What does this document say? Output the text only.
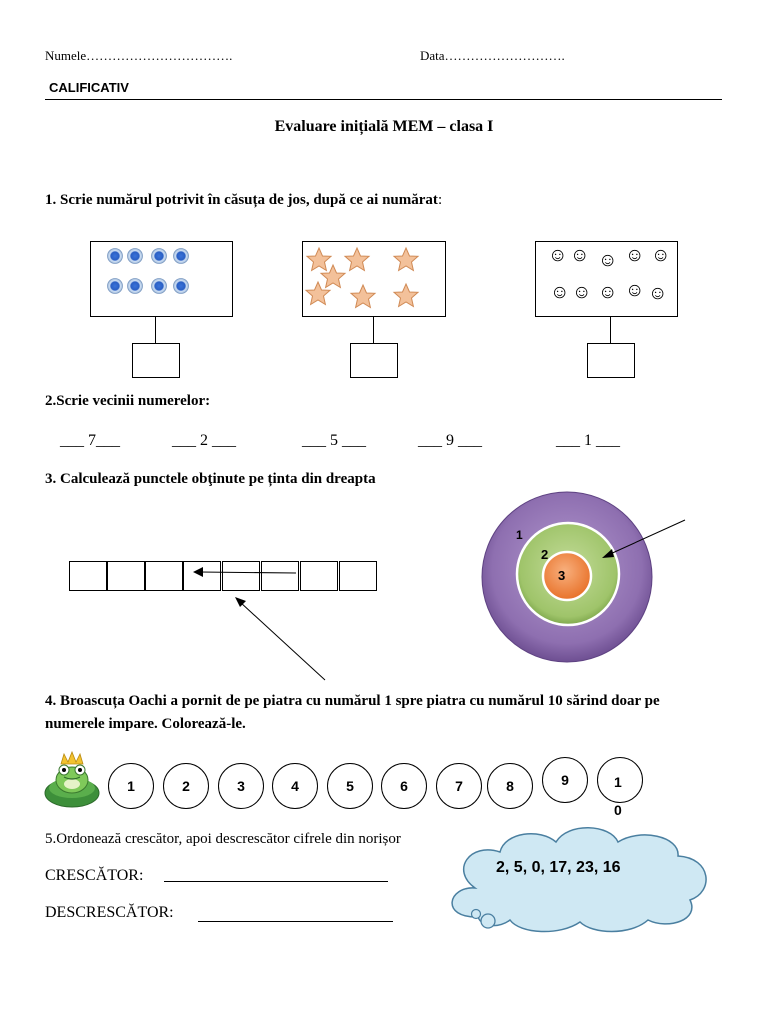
Numele…………………………….	Data……………………….
CALIFICATIV
Evaluare inițială MEM – clasa I
1. Scrie numărul potrivit în căsuța de jos, după ce ai numărat:
☺ ☺ ☺ ☺ ☺
☺ ☺ ☺ ☺ ☺
1
2
3
2.Scrie vecinii numerelor:
___ 7___	___ 2 ___	___ 5 ___	___ 9 ___	___ 1 ___
3. Calculează punctele obţinute pe ținta din dreapta
4. Broascuța Oachi a pornit de pe piatra cu numărul 1 spre piatra cu numărul 10 sărind doar pe
numerele impare. Colorează-le.
1	2	3	4	5	6	7	8	9	1
0
5.Ordonează crescător, apoi descrescător cifrele din norișor
CRESCĂTOR:
DESCRESCĂTOR:
2, 5, 0, 17, 23, 16
